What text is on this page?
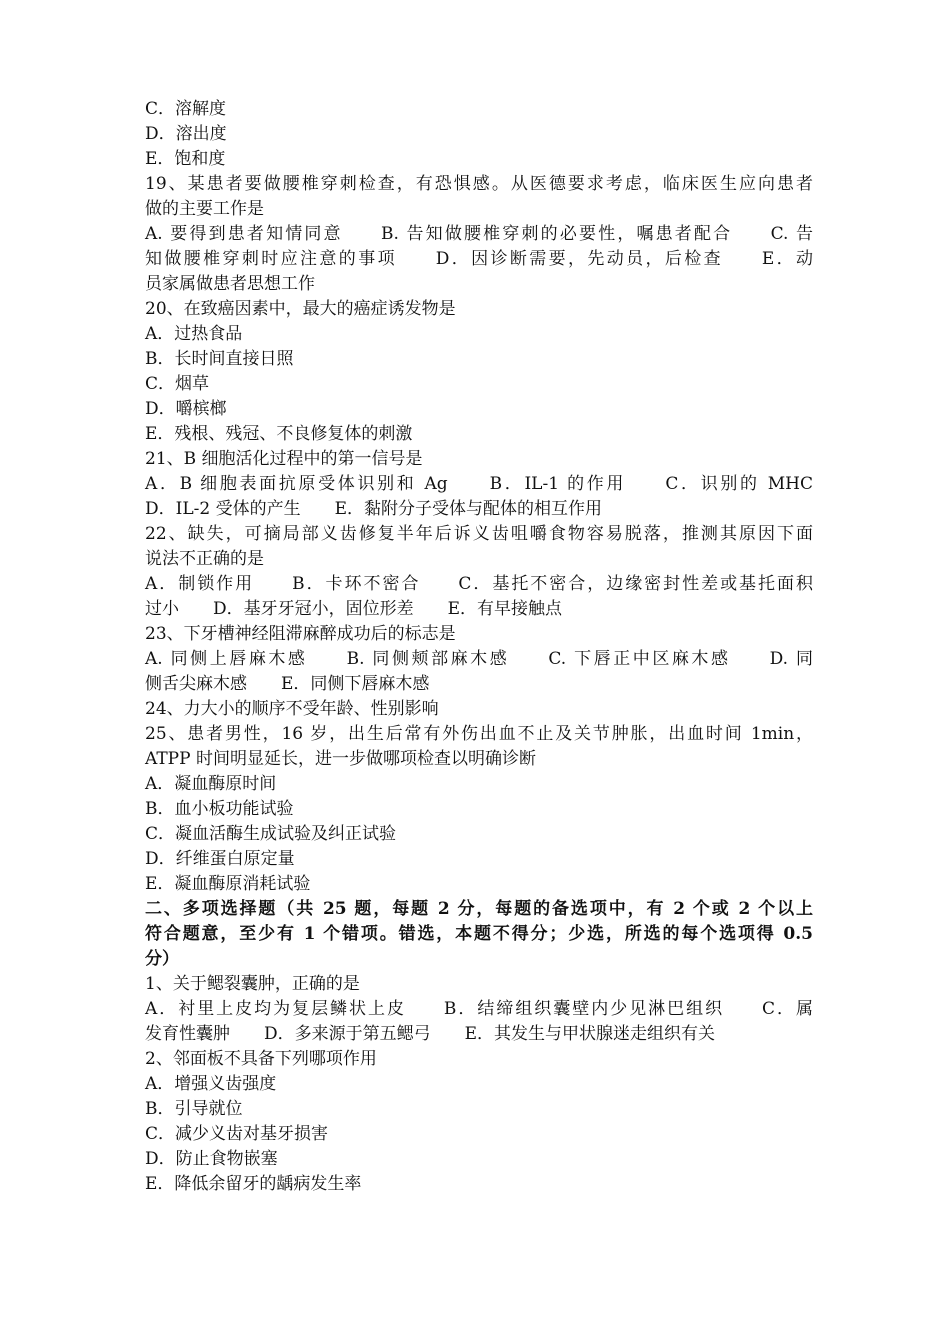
C．溶解度
D．溶出度
E．饱和度
19、某患者要做腰椎穿刺检查，有恐惧感。从医德要求考虑，临床医生应向患者
做的主要工作是
A. 要得到患者知情同意　　B. 告知做腰椎穿刺的必要性，嘱患者配合　　C. 告
知做腰椎穿刺时应注意的事项　　D．因诊断需要，先动员，后检查　　E．动
员家属做患者思想工作
20、在致癌因素中，最大的癌症诱发物是
A．过热食品
B．长时间直接日照
C．烟草
D．嚼槟榔
E．残根、残冠、不良修复体的刺激
21、B 细胞活化过程中的第一信号是
A．B 细胞表面抗原受体识别和 Ag　　B．IL-1 的作用　　C．识别的 MHC
D．IL-2 受体的产生　　E．黏附分子受体与配体的相互作用
22、缺失，可摘局部义齿修复半年后诉义齿咀嚼食物容易脱落，推测其原因下面
说法不正确的是
A．制锁作用　　B．卡环不密合　　C．基托不密合，边缘密封性差或基托面积
过小　　D．基牙牙冠小，固位形差　　E．有早接触点
23、下牙槽神经阻滞麻醉成功后的标志是
A. 同侧上唇麻木感　　B. 同侧颊部麻木感　　C. 下唇正中区麻木感　　D. 同
侧舌尖麻木感　　E．同侧下唇麻木感
24、力大小的顺序不受年龄、性别影响
25、患者男性，16 岁，出生后常有外伤出血不止及关节肿胀，出血时间 1min，
ATPP 时间明显延长，进一步做哪项检查以明确诊断
A．凝血酶原时间
B．血小板功能试验
C．凝血活酶生成试验及纠正试验
D．纤维蛋白原定量
E．凝血酶原消耗试验
二、多项选择题（共 25 题，每题 2 分，每题的备选项中，有 2 个或 2 个以上
符合题意，至少有 1 个错项。错选，本题不得分；少选，所选的每个选项得 0.5
分）
1、关于鳃裂囊肿，正确的是
A．衬里上皮均为复层鳞状上皮　　B．结缔组织囊壁内少见淋巴组织　　C．属
发育性囊肿　　D．多来源于第五鳃弓　　E．其发生与甲状腺迷走组织有关
2、邻面板不具备下列哪项作用
A．增强义齿强度
B．引导就位
C．减少义齿对基牙损害
D．防止食物嵌塞
E．降低余留牙的龋病发生率
